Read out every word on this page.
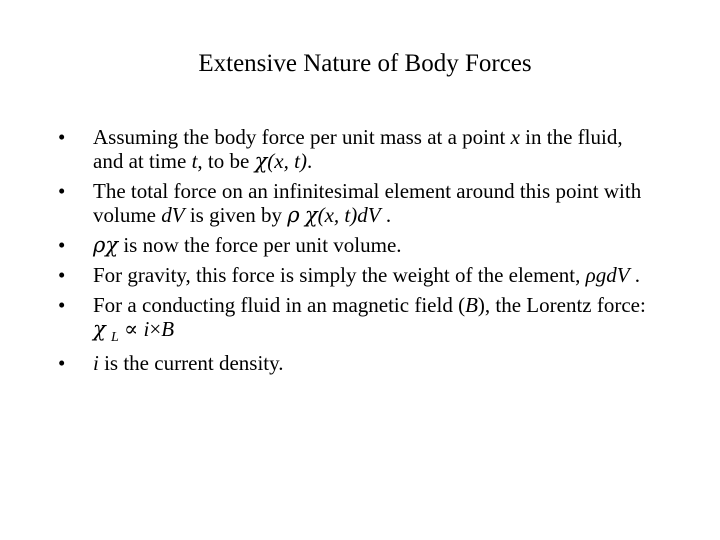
Extensive Nature of Body Forces
• Assuming the body force per unit mass at a point x in the fluid, and at time t, to be χ(x, t).
• The total force on an infinitesimal element around this point with volume dV is given by ρ χ(x, t)dV .
• ρχ is now the force per unit volume.
• For gravity, this force is simply the weight of the element, ρgdV .
• For a conducting fluid in an magnetic field (B), the Lorentz force: χ $_L$ ∝ i×B
• i is the current density.
